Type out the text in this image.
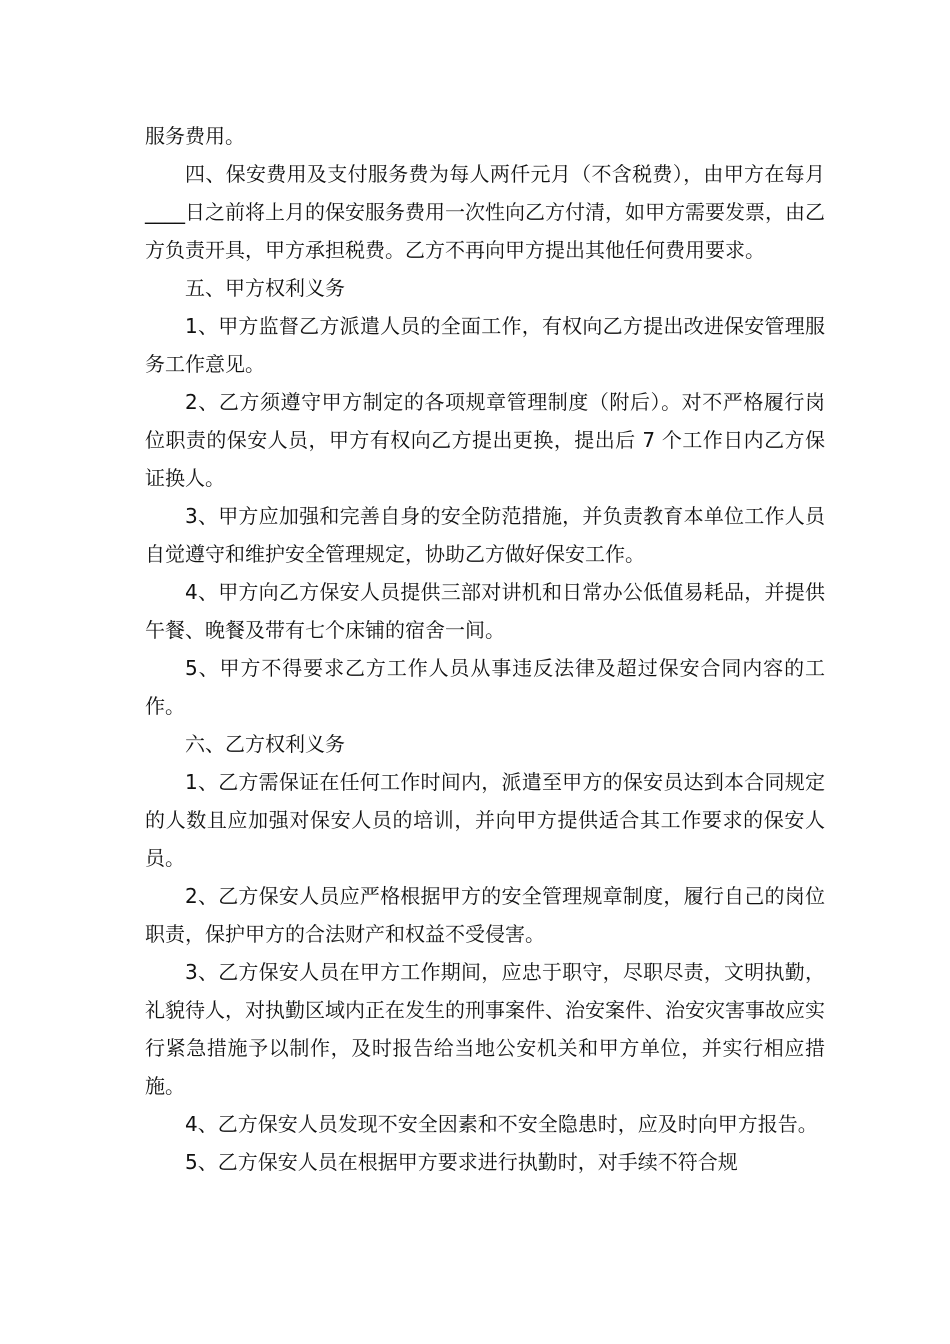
服务费用。

四、保安费用及支付服务费为每人两仟元月（不含税费），由甲方在每月____日之前将上月的保安服务费用一次性向乙方付清，如甲方需要发票，由乙方负责开具，甲方承担税费。乙方不再向甲方提出其他任何费用要求。

五、甲方权利义务

1、甲方监督乙方派遣人员的全面工作，有权向乙方提出改进保安管理服务工作意见。

2、乙方须遵守甲方制定的各项规章管理制度（附后）。对不严格履行岗位职责的保安人员，甲方有权向乙方提出更换，提出后 7 个工作日内乙方保证换人。

3、甲方应加强和完善自身的安全防范措施，并负责教育本单位工作人员自觉遵守和维护安全管理规定，协助乙方做好保安工作。

4、甲方向乙方保安人员提供三部对讲机和日常办公低值易耗品，并提供午餐、晚餐及带有七个床铺的宿舍一间。

5、甲方不得要求乙方工作人员从事违反法律及超过保安合同内容的工作。

六、乙方权利义务

1、乙方需保证在任何工作时间内，派遣至甲方的保安员达到本合同规定的人数且应加强对保安人员的培训，并向甲方提供适合其工作要求的保安人员。

2、乙方保安人员应严格根据甲方的安全管理规章制度，履行自己的岗位职责，保护甲方的合法财产和权益不受侵害。

3、乙方保安人员在甲方工作期间，应忠于职守，尽职尽责，文明执勤，礼貌待人，对执勤区域内正在发生的刑事案件、治安案件、治安灾害事故应实行紧急措施予以制作，及时报告给当地公安机关和甲方单位，并实行相应措施。

4、乙方保安人员发现不安全因素和不安全隐患时，应及时向甲方报告。

5、乙方保安人员在根据甲方要求进行执勤时，对手续不符合规
